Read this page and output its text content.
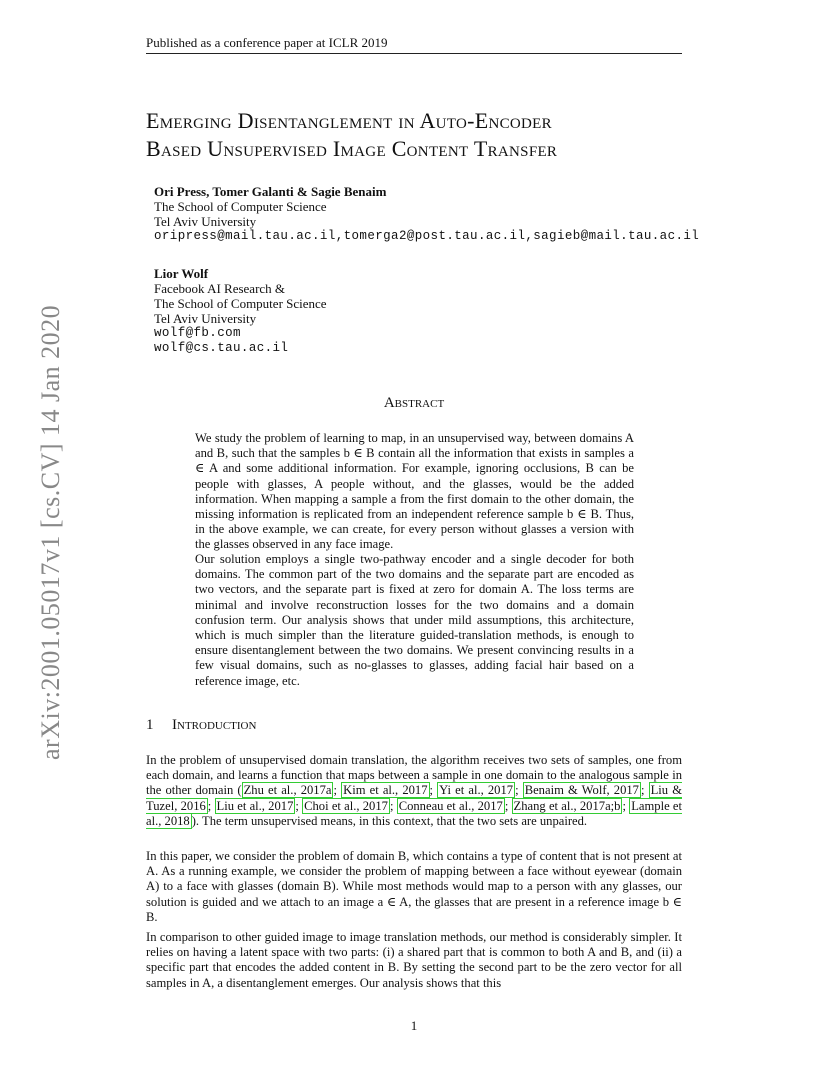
Published as a conference paper at ICLR 2019
Emerging Disentanglement in Auto-Encoder
Based Unsupervised Image Content Transfer
Ori Press, Tomer Galanti & Sagie Benaim
The School of Computer Science
Tel Aviv University
oripress@mail.tau.ac.il,tomerga2@post.tau.ac.il,sagieb@mail.tau.ac.il
Lior Wolf
Facebook AI Research &
The School of Computer Science
Tel Aviv University
wolf@fb.com
wolf@cs.tau.ac.il
Abstract
We study the problem of learning to map, in an unsupervised way, between domains A and B, such that the samples b ∈ B contain all the information that exists in samples a ∈ A and some additional information. For example, ignoring occlusions, B can be people with glasses, A people without, and the glasses, would be the added information. When mapping a sample a from the first domain to the other domain, the missing information is replicated from an independent reference sample b ∈ B. Thus, in the above example, we can create, for every person without glasses a version with the glasses observed in any face image.
Our solution employs a single two-pathway encoder and a single decoder for both domains. The common part of the two domains and the separate part are encoded as two vectors, and the separate part is fixed at zero for domain A. The loss terms are minimal and involve reconstruction losses for the two domains and a domain confusion term. Our analysis shows that under mild assumptions, this architecture, which is much simpler than the literature guided-translation methods, is enough to ensure disentanglement between the two domains. We present convincing results in a few visual domains, such as no-glasses to glasses, adding facial hair based on a reference image, etc.
1 Introduction
In the problem of unsupervised domain translation, the algorithm receives two sets of samples, one from each domain, and learns a function that maps between a sample in one domain to the analogous sample in the other domain ( Zhu et al., 2017a ; Kim et al., 2017 ; Yi et al., 2017 ; Benaim & Wolf, 2017 ; Liu & Tuzel, 2016 ; Liu et al., 2017 ; Choi et al., 2017 ; Conneau et al., 2017 ; Zhang et al., 2017a;b ; Lample et al., 2018 ). The term unsupervised means, in this context, that the two sets are unpaired.
In this paper, we consider the problem of domain B, which contains a type of content that is not present at A. As a running example, we consider the problem of mapping between a face without eyewear (domain A) to a face with glasses (domain B). While most methods would map to a person with any glasses, our solution is guided and we attach to an image a ∈ A, the glasses that are present in a reference image b ∈ B.
In comparison to other guided image to image translation methods, our method is considerably simpler. It relies on having a latent space with two parts: (i) a shared part that is common to both A and B, and (ii) a specific part that encodes the added content in B. By setting the second part to be the zero vector for all samples in A, a disentanglement emerges. Our analysis shows that this
1
arXiv:2001.05017v1 [cs.CV] 14 Jan 2020
